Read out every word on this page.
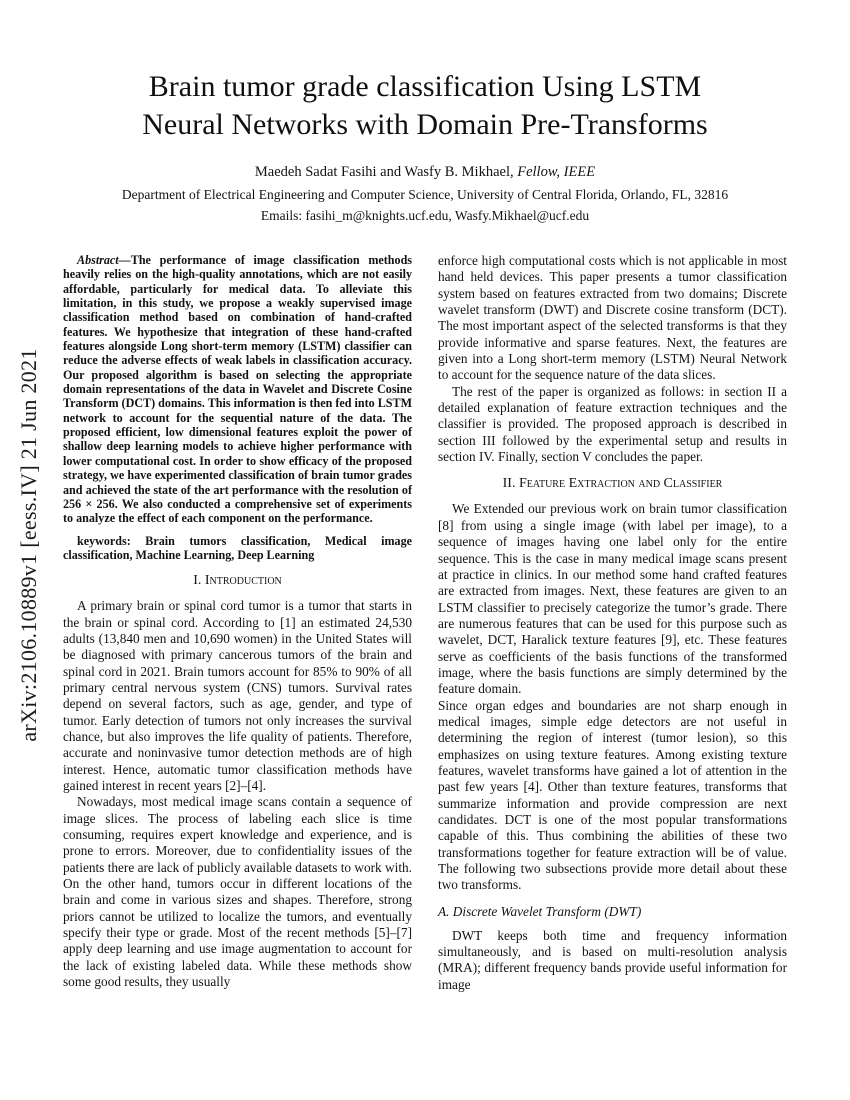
arXiv:2106.10889v1 [eess.IV] 21 Jun 2021
Brain tumor grade classification Using LSTM
Neural Networks with Domain Pre-Transforms
Maedeh Sadat Fasihi and Wasfy B. Mikhael, Fellow, IEEE
Department of Electrical Engineering and Computer Science, University of Central Florida, Orlando, FL, 32816
Emails: fasihi_m@knights.ucf.edu, Wasfy.Mikhael@ucf.edu

Abstract—The performance of image classification methods heavily relies on the high-quality annotations, which are not easily affordable, particularly for medical data. To alleviate this limitation, in this study, we propose a weakly supervised image classification method based on combination of hand-crafted features. We hypothesize that integration of these hand-crafted features alongside Long short-term memory (LSTM) classifier can reduce the adverse effects of weak labels in classification accuracy. Our proposed algorithm is based on selecting the appropriate domain representations of the data in Wavelet and Discrete Cosine Transform (DCT) domains. This information is then fed into LSTM network to account for the sequential nature of the data. The proposed efficient, low dimensional features exploit the power of shallow deep learning models to achieve higher performance with lower computational cost. In order to show efficacy of the proposed strategy, we have experimented classification of brain tumor grades and achieved the state of the art performance with the resolution of 256 × 256. We also conducted a comprehensive set of experiments to analyze the effect of each component on the performance.

keywords: Brain tumors classification, Medical image classification, Machine Learning, Deep Learning

I. Introduction

A primary brain or spinal cord tumor is a tumor that starts in the brain or spinal cord. According to [1] an estimated 24,530 adults (13,840 men and 10,690 women) in the United States will be diagnosed with primary cancerous tumors of the brain and spinal cord in 2021. Brain tumors account for 85% to 90% of all primary central nervous system (CNS) tumors. Survival rates depend on several factors, such as age, gender, and type of tumor. Early detection of tumors not only increases the survival chance, but also improves the life quality of patients. Therefore, accurate and noninvasive tumor detection methods are of high interest. Hence, automatic tumor classification methods have gained interest in recent years [2]–[4].

Nowadays, most medical image scans contain a sequence of image slices. The process of labeling each slice is time consuming, requires expert knowledge and experience, and is prone to errors. Moreover, due to confidentiality issues of the patients there are lack of publicly available datasets to work with. On the other hand, tumors occur in different locations of the brain and come in various sizes and shapes. Therefore, strong priors cannot be utilized to localize the tumors, and eventually specify their type or grade. Most of the recent methods [5]–[7] apply deep learning and use image augmentation to account for the lack of existing labeled data. While these methods show some good results, they usually

enforce high computational costs which is not applicable in most hand held devices. This paper presents a tumor classification system based on features extracted from two domains; Discrete wavelet transform (DWT) and Discrete cosine transform (DCT). The most important aspect of the selected transforms is that they provide informative and sparse features. Next, the features are given into a Long short-term memory (LSTM) Neural Network to account for the sequence nature of the data slices.

The rest of the paper is organized as follows: in section II a detailed explanation of feature extraction techniques and the classifier is provided. The proposed approach is described in section III followed by the experimental setup and results in section IV. Finally, section V concludes the paper.

II. Feature Extraction and Classifier

We Extended our previous work on brain tumor classification [8] from using a single image (with label per image), to a sequence of images having one label only for the entire sequence. This is the case in many medical image scans present at practice in clinics. In our method some hand crafted features are extracted from images. Next, these features are given to an LSTM classifier to precisely categorize the tumor’s grade. There are numerous features that can be used for this purpose such as wavelet, DCT, Haralick texture features [9], etc. These features serve as coefficients of the basis functions of the transformed image, where the basis functions are simply determined by the feature domain.

Since organ edges and boundaries are not sharp enough in medical images, simple edge detectors are not useful in determining the region of interest (tumor lesion), so this emphasizes on using texture features. Among existing texture features, wavelet transforms have gained a lot of attention in the past few years [4]. Other than texture features, transforms that summarize information and provide compression are next candidates. DCT is one of the most popular transformations capable of this. Thus combining the abilities of these two transformations together for feature extraction will be of value. The following two subsections provide more detail about these two transforms.

A. Discrete Wavelet Transform (DWT)

DWT keeps both time and frequency information simultaneously, and is based on multi-resolution analysis (MRA); different frequency bands provide useful information for image
